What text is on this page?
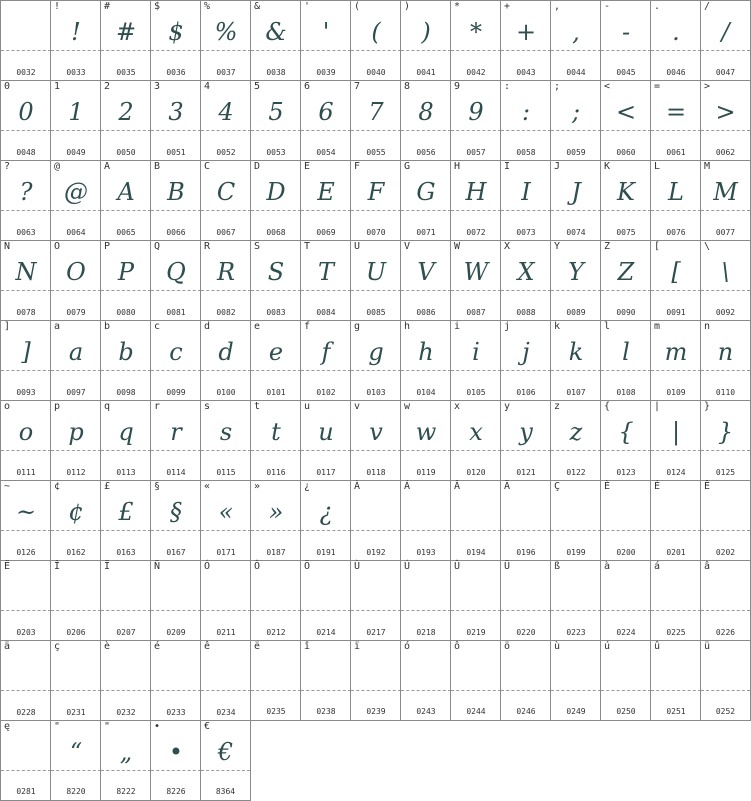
0032
!
!
0033
#
#
0035
$
$
0036
%
%
0037
&
&
0038
'
'
0039
(
(
0040
)
)
0041
*
*
0042
+
+
0043
,
,
0044
-
-
0045
.
.
0046
/
/
0047
0
0
0048
1
1
0049
2
2
0050
3
3
0051
4
4
0052
5
5
0053
6
6
0054
7
7
0055
8
8
0056
9
9
0057
:
:
0058
;
;
0059
<
<
0060
=
=
0061
>
>
0062
?
?
0063
@
@
0064
A
A
0065
B
B
0066
C
C
0067
D
D
0068
E
E
0069
F
F
0070
G
G
0071
H
H
0072
I
I
0073
J
J
0074
K
K
0075
L
L
0076
M
M
0077
N
N
0078
O
O
0079
P
P
0080
Q
Q
0081
R
R
0082
S
S
0083
T
T
0084
U
U
0085
V
V
0086
W
W
0087
X
X
0088
Y
Y
0089
Z
Z
0090
[
[
0091
\
\
0092
]
]
0093
a
a
0097
b
b
0098
c
c
0099
d
d
0100
e
e
0101
f
f
0102
g
g
0103
h
h
0104
i
i
0105
j
j
0106
k
k
0107
l
l
0108
m
m
0109
n
n
0110
o
o
0111
p
p
0112
q
q
0113
r
r
0114
s
s
0115
t
t
0116
u
u
0117
v
v
0118
w
w
0119
x
x
0120
y
y
0121
z
z
0122
{
{
0123
|
|
0124
}
}
0125
~
~
0126
¢
¢
0162
£
£
0163
§
§
0167
«
«
0171
»
»
0187
¿
¿
0191
À
0192
Á
0193
Â
0194
Ä
0196
Ç
0199
È
0200
É
0201
Ê
0202
Ë
0203
Î
0206
Ï
0207
Ñ
0209
Ó
0211
Ô
0212
Ö
0214
Ù
0217
Ú
0218
Û
0219
Ü
0220
ß
0223
à
0224
á
0225
â
0226
ä
0228
ç
0231
è
0232
é
0233
ê
0234
ë
0235
î
0238
ï
0239
ó
0243
ô
0244
ö
0246
ù
0249
ú
0250
û
0251
ü
0252
ę
0281
"
“
8220
"
„
8222
•
•
8226
€
€
8364
